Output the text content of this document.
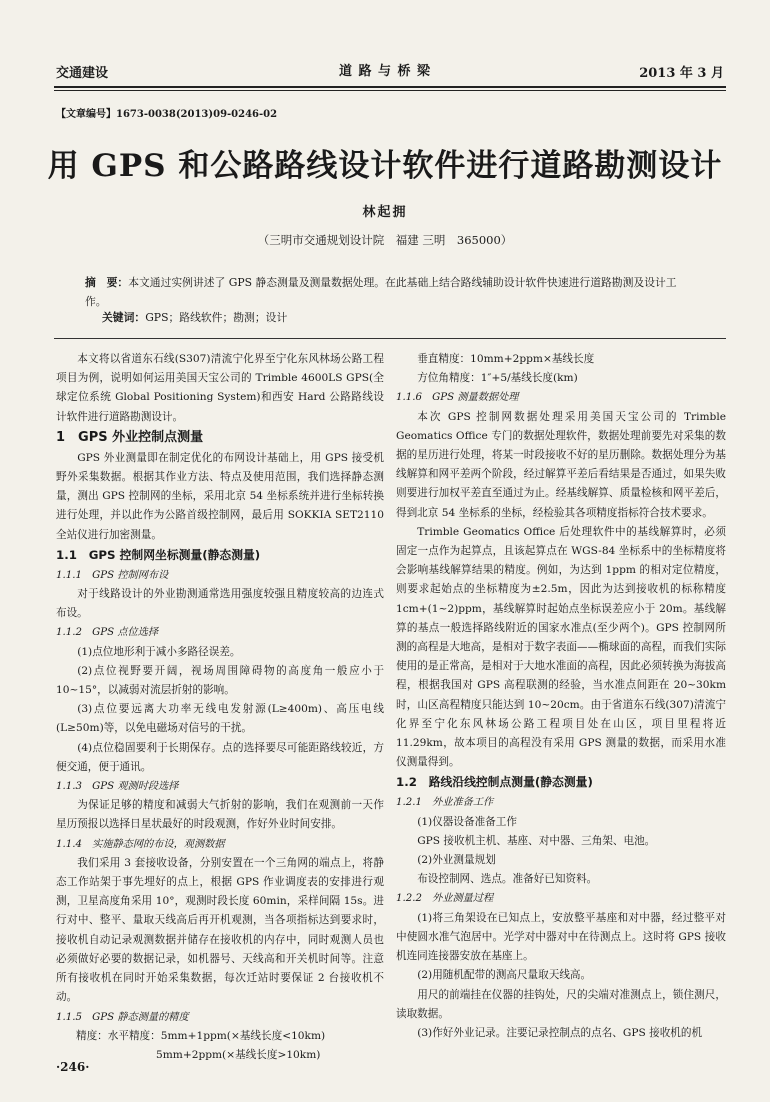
交通建设	道 路 与 桥 梁	2013 年 3 月
【文章编号】1673-0038(2013)09-0246-02
用 GPS 和公路路线设计软件进行道路勘测设计
林起拥
（三明市交通规划设计院　福建 三明　365000）
摘　要：本文通过实例讲述了 GPS 静态测量及测量数据处理。在此基础上结合路线辅助设计软件快速进行道路勘测及设计工作。
关键词：GPS；路线软件；勘测；设计

本文将以省道东石线(S307)清流宁化界至宁化东风林场公路工程项目为例，说明如何运用美国天宝公司的 Trimble 4600LS GPS(全球定位系统 Global Positioning System)和西安 Hard 公路路线设计软件进行道路勘测设计。

1　GPS 外业控制点测量

GPS 外业测量即在制定优化的布网设计基础上，用 GPS 接受机野外采集数据。根据其作业方法、特点及使用范围，我们选择静态测量，测出 GPS 控制网的坐标，采用北京 54 坐标系统并进行坐标转换进行处理，并以此作为公路首级控制网，最后用 SOKKIA SET2110 全站仪进行加密测量。

1.1　GPS 控制网坐标测量(静态测量)
1.1.1　GPS 控制网布设

对于线路设计的外业勘测通常选用强度较强且精度较高的边连式布设。

1.1.2　GPS 点位选择

(1)点位地形利于减小多路径误差。

(2)点位视野要开阔，视场周围障碍物的高度角一般应小于 10~15°，以减弱对流层折射的影响。

(3)点位要远离大功率无线电发射源(L≥400m)、高压电线(L≥50m)等，以免电磁场对信号的干扰。

(4)点位稳固要利于长期保存。点的选择要尽可能距路线较近，方便交通，便于通讯。

1.1.3　GPS 观测时段选择

为保证足够的精度和减弱大气折射的影响，我们在观测前一天作星历预报以选择日星状最好的时段观测，作好外业时间安排。

1.1.4　实施静态网的布设，观测数据

我们采用 3 套接收设备，分别安置在一个三角网的端点上，将静态工作站架于事先埋好的点上，根据 GPS 作业调度表的安排进行观测，卫星高度角采用 10°，观测时段长度 60min，采样间隔 15s。进行对中、整平、量取天线高后再开机观测，当各项指标达到要求时，接收机自动记录观测数据并储存在接收机的内存中，同时观测人员也必须做好必要的数据记录，如机器号、天线高和开关机时间等。注意所有接收机在同时开始采集数据，每次迁站时要保证 2 台接收机不动。

1.1.5　GPS 静态测量的精度

精度：水平精度：5mm+1ppm(×基线长度<10km)

5mm+2ppm(×基线长度>10km)

垂直精度：10mm+2ppm×基线长度

方位角精度：1″+5/基线长度(km)

1.1.6　GPS 测量数据处理

本次 GPS 控制网数据处理采用美国天宝公司的 Trimble Geomatics Office 专门的数据处理软件，数据处理前要先对采集的数据的星历进行处理，将某一时段接收不好的星历删除。数据处理分为基线解算和网平差两个阶段，经过解算平差后看结果是否通过，如果失败则要进行加权平差直至通过为止。经基线解算、质量检核和网平差后，得到北京 54 坐标系的坐标，经检验其各项精度指标符合技术要求。

Trimble Geomatics Office 后处理软件中的基线解算时，必须固定一点作为起算点，且该起算点在 WGS-84 坐标系中的坐标精度将会影响基线解算结果的精度。例如，为达到 1ppm 的相对定位精度，则要求起始点的坐标精度为±2.5m，因此为达到接收机的标称精度 1cm+(1~2)ppm，基线解算时起始点坐标误差应小于 20m。基线解算的基点一般选择路线附近的国家水准点(至少两个)。GPS 控制网所测的高程是大地高，是相对于数字表面——椭球面的高程，而我们实际使用的是正常高，是相对于大地水准面的高程，因此必须转换为海拔高程，根据我国对 GPS 高程联测的经验，当水准点间距在 20~30km 时，山区高程精度只能达到 10~20cm。由于省道东石线(307)清流宁化界至宁化东风林场公路工程项目处在山区，项目里程将近 11.29km，故本项目的高程没有采用 GPS 测量的数据，而采用水准仪测量得到。

1.2　路线沿线控制点测量(静态测量)
1.2.1　外业准备工作

(1)仪器设备准备工作

GPS 接收机主机、基座、对中器、三角架、电池。

(2)外业测量规划

布设控制网、选点。准备好已知资料。

1.2.2　外业测量过程

(1)将三角架设在已知点上，安放整平基座和对中器，经过整平对中使圆水准气泡居中。光学对中器对中在待测点上。这时将 GPS 接收机连同连接器安放在基座上。

(2)用随机配带的测高尺量取天线高。

用尺的前端挂在仪器的挂钩处，尺的尖端对准测点上，锁住测尺，读取数据。

(3)作好外业记录。注要记录控制点的点名、GPS 接收机的机

·246·
